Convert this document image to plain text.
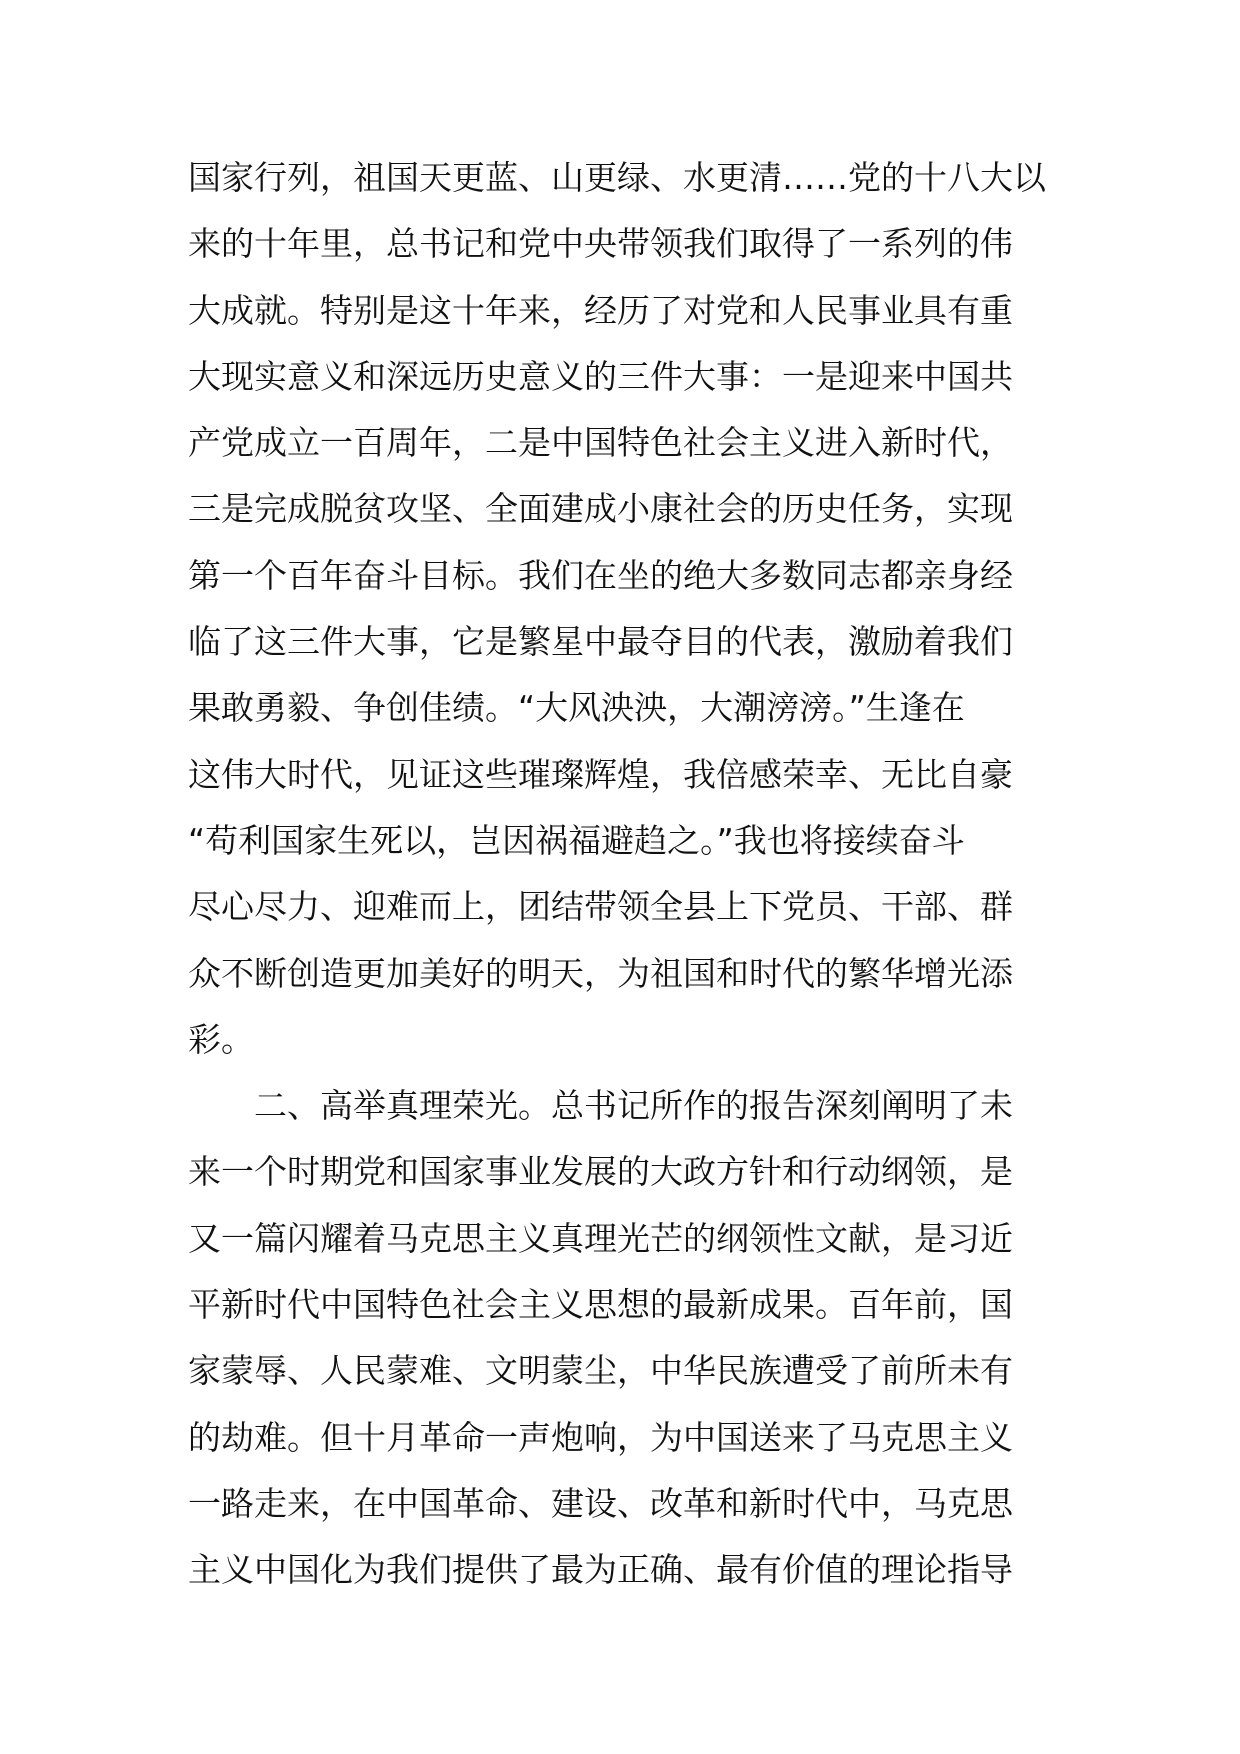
国家行列，祖国天更蓝、山更绿、水更清……党的十八大以
来的十年里，总书记和党中央带领我们取得了一系列的伟
大成就。特别是这十年来，经历了对党和人民事业具有重
大现实意义和深远历史意义的三件大事：一是迎来中国共
产党成立一百周年，二是中国特色社会主义进入新时代，
三是完成脱贫攻坚、全面建成小康社会的历史任务，实现
第一个百年奋斗目标。我们在坐的绝大多数同志都亲身经
临了这三件大事，它是繁星中最夺目的代表，激励着我们
果敢勇毅、争创佳绩。“大风泱泱，大潮滂滂。”生逢在
这伟大时代，见证这些璀璨辉煌，我倍感荣幸、无比自豪
“苟利国家生死以，岂因祸福避趋之。”我也将接续奋斗
尽心尽力、迎难而上，团结带领全县上下党员、干部、群
众不断创造更加美好的明天，为祖国和时代的繁华增光添
彩。
二、高举真理荣光。总书记所作的报告深刻阐明了未
来一个时期党和国家事业发展的大政方针和行动纲领，是
又一篇闪耀着马克思主义真理光芒的纲领性文献，是习近
平新时代中国特色社会主义思想的最新成果。百年前，国
家蒙辱、人民蒙难、文明蒙尘，中华民族遭受了前所未有
的劫难。但十月革命一声炮响，为中国送来了马克思主义
一路走来，在中国革命、建设、改革和新时代中，马克思
主义中国化为我们提供了最为正确、最有价值的理论指导
